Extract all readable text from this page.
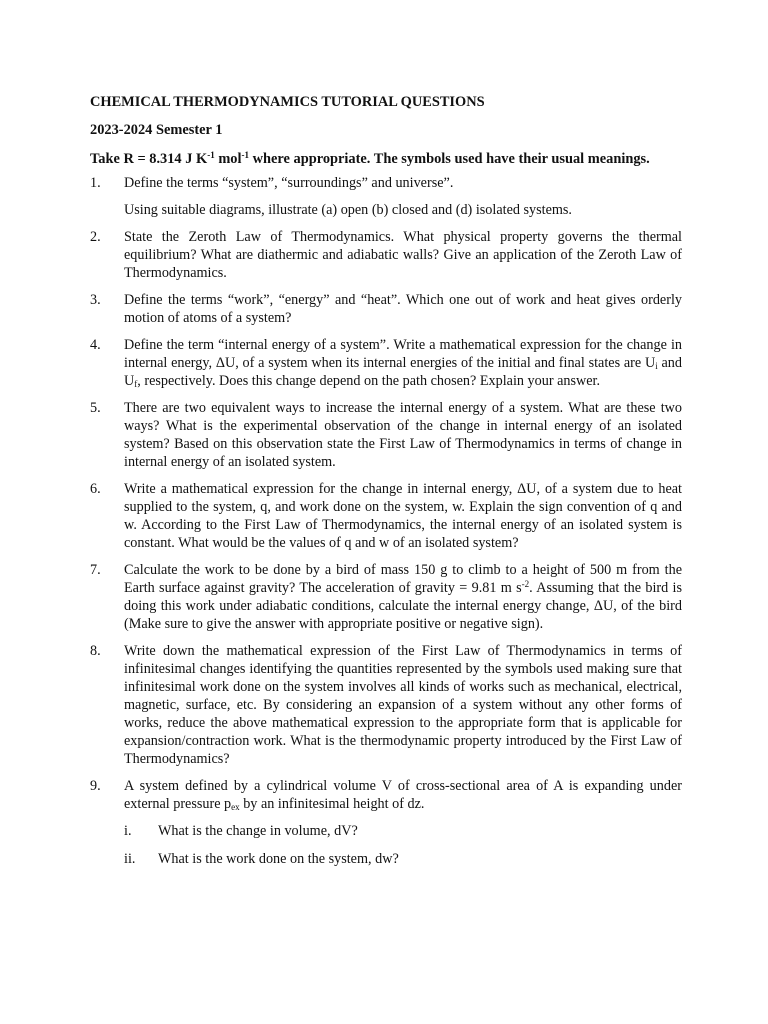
CHEMICAL THERMODYNAMICS TUTORIAL QUESTIONS
2023-2024 Semester 1
Take R = 8.314 J $K^{-1}$ mol$^{-1}$ where appropriate. The symbols used have their usual meanings.
1.	Define the terms “system”, “surroundings” and universe”.

Using suitable diagrams, illustrate (a) open (b) closed and (d) isolated systems.

2.	State the Zeroth Law of Thermodynamics. What physical property governs the thermal equilibrium? What are diathermic and adiabatic walls? Give an application of the Zeroth Law of Thermodynamics.

3.	Define the terms “work”, “energy” and “heat”. Which one out of work and heat gives orderly motion of atoms of a system?

4.	Define the term “internal energy of a system”. Write a mathematical expression for the change in internal energy, ΔU, of a system when its internal energies of the initial and final states are $U_i$ and $U_f$, respectively. Does this change depend on the path chosen? Explain your answer.

5.	There are two equivalent ways to increase the internal energy of a system. What are these two ways? What is the experimental observation of the change in internal energy of an isolated system? Based on this observation state the First Law of Thermodynamics in terms of change in internal energy of an isolated system.

6.	Write a mathematical expression for the change in internal energy, ΔU, of a system due to heat supplied to the system, q, and work done on the system, w. Explain the sign convention of q and w. According to the First Law of Thermodynamics, the internal energy of an isolated system is constant. What would be the values of q and w of an isolated system?

7.	Calculate the work to be done by a bird of mass 150 g to climb to a height of 500 m from the Earth surface against gravity? The acceleration of gravity = 9.81 m $s^{-2}$. Assuming that the bird is doing this work under adiabatic conditions, calculate the internal energy change, ΔU, of the bird (Make sure to give the answer with appropriate positive or negative sign).

8.	Write down the mathematical expression of the First Law of Thermodynamics in terms of infinitesimal changes identifying the quantities represented by the symbols used making sure that infinitesimal work done on the system involves all kinds of works such as mechanical, electrical, magnetic, surface, etc. By considering an expansion of a system without any other forms of works, reduce the above mathematical expression to the appropriate form that is applicable for expansion/contraction work. What is the thermodynamic property introduced by the First Law of Thermodynamics?

9.	A system defined by a cylindrical volume V of cross-sectional area of A is expanding under external pressure $p_{ex}$ by an infinitesimal height of dz.

i.	What is the change in volume, dV?
ii.	What is the work done on the system, dw?
